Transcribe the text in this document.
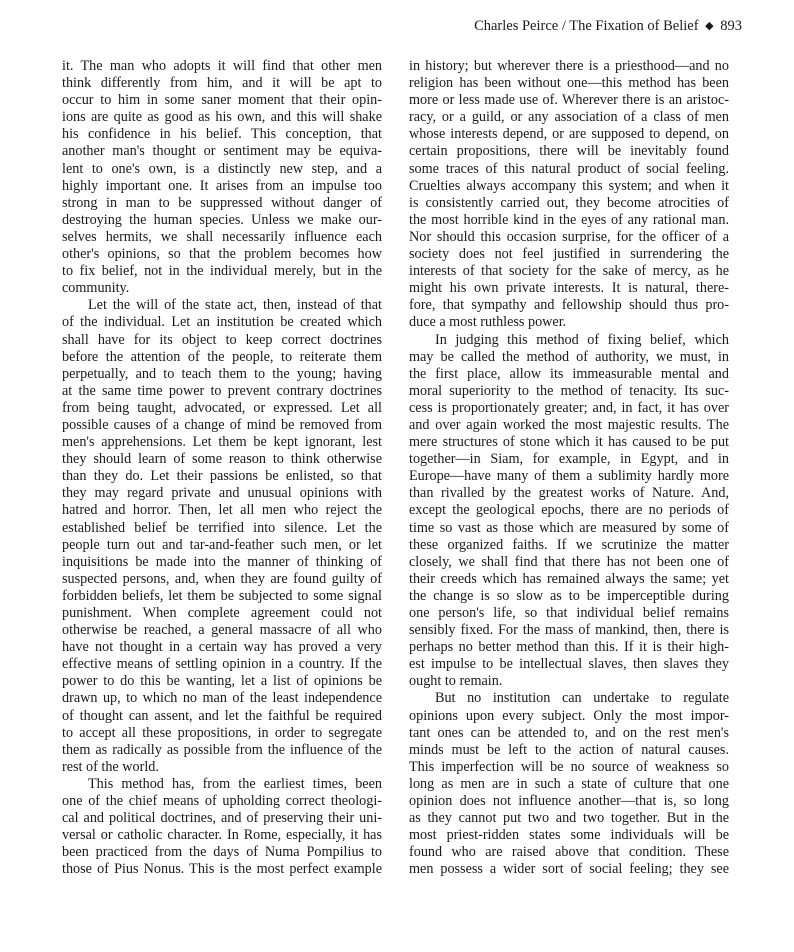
Charles Peirce / The Fixation of Belief ◆ 893
it. The man who adopts it will find that other men
think differently from him, and it will be apt to
occur to him in some saner moment that their opin-
ions are quite as good as his own, and this will shake
his confidence in his belief. This conception, that
another man's thought or sentiment may be equiva-
lent to one's own, is a distinctly new step, and a
highly important one. It arises from an impulse too
strong in man to be suppressed without danger of
destroying the human species. Unless we make our-
selves hermits, we shall necessarily influence each
other's opinions, so that the problem becomes how
to fix belief, not in the individual merely, but in the
community.
Let the will of the state act, then, instead of that
of the individual. Let an institution be created which
shall have for its object to keep correct doctrines
before the attention of the people, to reiterate them
perpetually, and to teach them to the young; having
at the same time power to prevent contrary doctrines
from being taught, advocated, or expressed. Let all
possible causes of a change of mind be removed from
men's apprehensions. Let them be kept ignorant, lest
they should learn of some reason to think otherwise
than they do. Let their passions be enlisted, so that
they may regard private and unusual opinions with
hatred and horror. Then, let all men who reject the
established belief be terrified into silence. Let the
people turn out and tar-and-feather such men, or let
inquisitions be made into the manner of thinking of
suspected persons, and, when they are found guilty of
forbidden beliefs, let them be subjected to some signal
punishment. When complete agreement could not
otherwise be reached, a general massacre of all who
have not thought in a certain way has proved a very
effective means of settling opinion in a country. If the
power to do this be wanting, let a list of opinions be
drawn up, to which no man of the least independence
of thought can assent, and let the faithful be required
to accept all these propositions, in order to segregate
them as radically as possible from the influence of the
rest of the world.
This method has, from the earliest times, been
one of the chief means of upholding correct theologi-
cal and political doctrines, and of preserving their uni-
versal or catholic character. In Rome, especially, it has
been practiced from the days of Numa Pompilius to
those of Pius Nonus. This is the most perfect example
in history; but wherever there is a priesthood—and no
religion has been without one—this method has been
more or less made use of. Wherever there is an aristoc-
racy, or a guild, or any association of a class of men
whose interests depend, or are supposed to depend, on
certain propositions, there will be inevitably found
some traces of this natural product of social feeling.
Cruelties always accompany this system; and when it
is consistently carried out, they become atrocities of
the most horrible kind in the eyes of any rational man.
Nor should this occasion surprise, for the officer of a
society does not feel justified in surrendering the
interests of that society for the sake of mercy, as he
might his own private interests. It is natural, there-
fore, that sympathy and fellowship should thus pro-
duce a most ruthless power.
In judging this method of fixing belief, which
may be called the method of authority, we must, in
the first place, allow its immeasurable mental and
moral superiority to the method of tenacity. Its suc-
cess is proportionately greater; and, in fact, it has over
and over again worked the most majestic results. The
mere structures of stone which it has caused to be put
together—in Siam, for example, in Egypt, and in
Europe—have many of them a sublimity hardly more
than rivalled by the greatest works of Nature. And,
except the geological epochs, there are no periods of
time so vast as those which are measured by some of
these organized faiths. If we scrutinize the matter
closely, we shall find that there has not been one of
their creeds which has remained always the same; yet
the change is so slow as to be imperceptible during
one person's life, so that individual belief remains
sensibly fixed. For the mass of mankind, then, there is
perhaps no better method than this. If it is their high-
est impulse to be intellectual slaves, then slaves they
ought to remain.
But no institution can undertake to regulate
opinions upon every subject. Only the most impor-
tant ones can be attended to, and on the rest men's
minds must be left to the action of natural causes.
This imperfection will be no source of weakness so
long as men are in such a state of culture that one
opinion does not influence another—that is, so long
as they cannot put two and two together. But in the
most priest-ridden states some individuals will be
found who are raised above that condition. These
men possess a wider sort of social feeling; they see
